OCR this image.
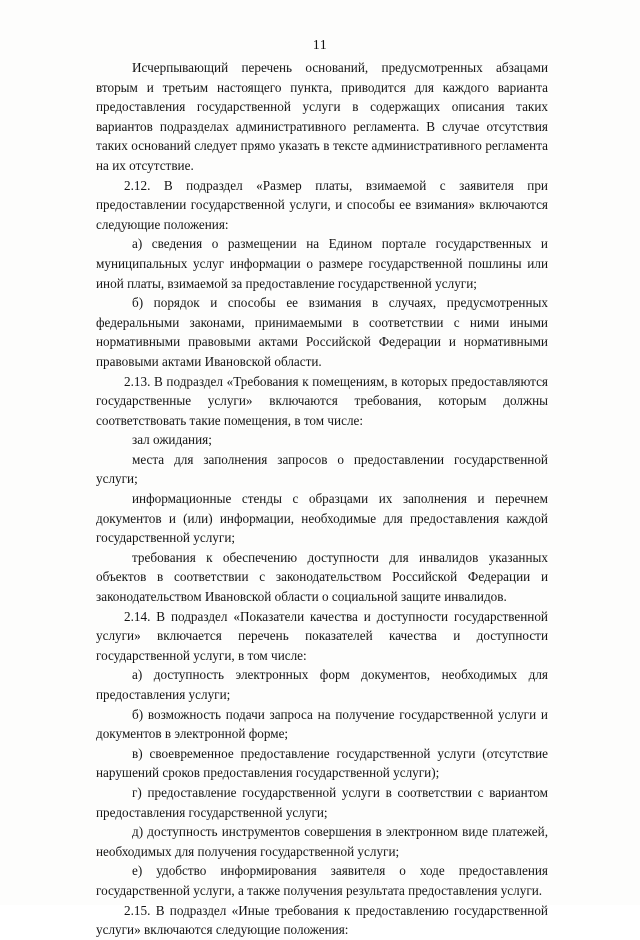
11

Исчерпывающий перечень оснований, предусмотренных абзацами вторым и третьим настоящего пункта, приводится для каждого варианта предоставления государственной услуги в содержащих описания таких вариантов подразделах административного регламента. В случае отсутствия таких оснований следует прямо указать в тексте административного регламента на их отсутствие.

2.12. В подраздел «Размер платы, взимаемой с заявителя при предоставлении государственной услуги, и способы ее взимания» включаются следующие положения:

а) сведения о размещении на Едином портале государственных и муниципальных услуг информации о размере государственной пошлины или иной платы, взимаемой за предоставление государственной услуги;

б) порядок и способы ее взимания в случаях, предусмотренных федеральными законами, принимаемыми в соответствии с ними иными нормативными правовыми актами Российской Федерации и нормативными правовыми актами Ивановской области.

2.13. В подраздел «Требования к помещениям, в которых предоставляются государственные услуги» включаются требования, которым должны соответствовать такие помещения, в том числе:

зал ожидания;

места для заполнения запросов о предоставлении государственной услуги;

информационные стенды с образцами их заполнения и перечнем документов и (или) информации, необходимые для предоставления каждой государственной услуги;

требования к обеспечению доступности для инвалидов указанных объектов в соответствии с законодательством Российской Федерации и законодательством Ивановской области о социальной защите инвалидов.

2.14. В подраздел «Показатели качества и доступности государственной услуги» включается перечень показателей качества и доступности государственной услуги, в том числе:

а) доступность электронных форм документов, необходимых для предоставления услуги;

б) возможность подачи запроса на получение государственной услуги и документов в электронной форме;

в) своевременное предоставление государственной услуги (отсутствие нарушений сроков предоставления государственной услуги);

г) предоставление государственной услуги в соответствии с вариантом предоставления государственной услуги;

д) доступность инструментов совершения в электронном виде платежей, необходимых для получения государственной услуги;

е) удобство информирования заявителя о ходе предоставления государственной услуги, а также получения результата предоставления услуги.

2.15. В подраздел «Иные требования к предоставлению государственной услуги» включаются следующие положения:
